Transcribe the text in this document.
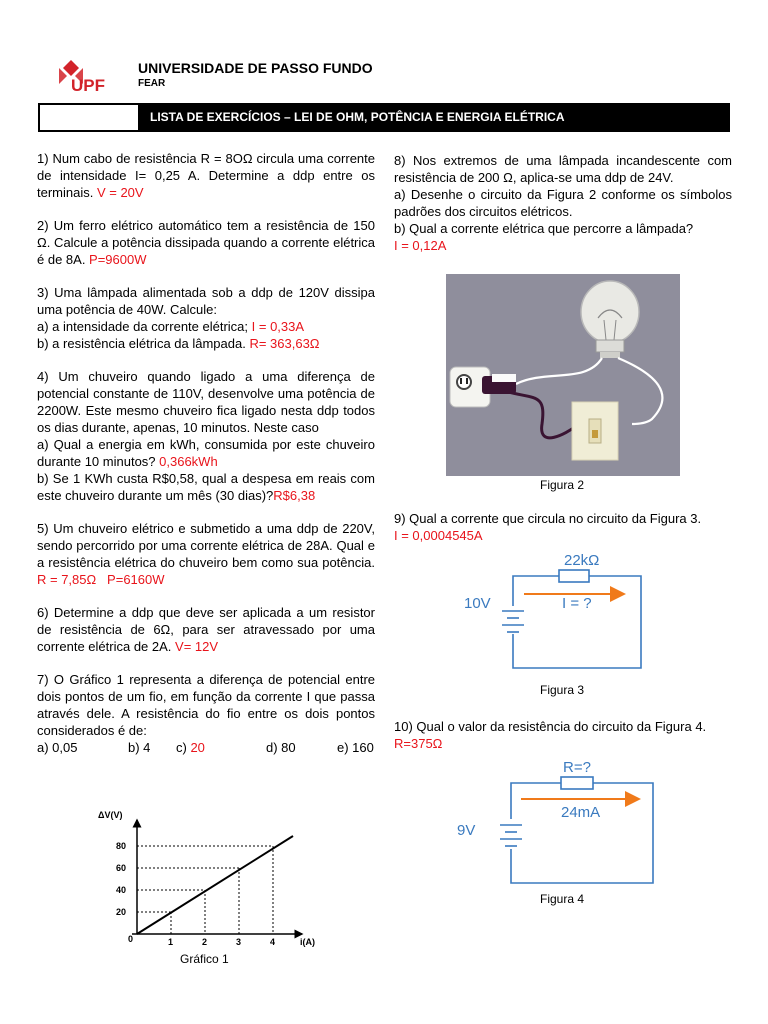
UPF
UNIVERSIDADE DE PASSO FUNDO
FEAR
LISTA DE EXERCÍCIOS – LEI DE OHM, POTÊNCIA E ENERGIA ELÉTRICA

1) Num cabo de resistência R = 8OΩ circula uma corrente de intensidade I= 0,25 A. Determine a ddp entre os terminais. V = 20V

2) Um ferro elétrico automático tem a resistência de 150 Ω. Calcule a potência dissipada quando a corrente elétrica é de 8A. P=9600W

3) Uma lâmpada alimentada sob a ddp de 120V dissipa uma potência de 40W. Calcule:
a) a intensidade da corrente elétrica; I = 0,33A
b) a resistência elétrica da lâmpada. R= 363,63Ω

4) Um chuveiro quando ligado a uma diferença de potencial constante de 110V, desenvolve uma potência de 2200W. Este mesmo chuveiro fica ligado nesta ddp todos os dias durante, apenas, 10 minutos. Neste caso
a) Qual a energia em kWh, consumida por este chuveiro durante 10 minutos? 0,366kWh
b) Se 1 KWh custa R$0,58, qual a despesa em reais com este chuveiro durante um mês (30 dias)?R$6,38

5) Um chuveiro elétrico e submetido a uma ddp de 220V, sendo percorrido por uma corrente elétrica de 28A. Qual e a resistência elétrica do chuveiro bem como sua potência. R = 7,85Ω   P=6160W

6) Determine a ddp que deve ser aplicada a um resistor de resistência de 6Ω, para ser atravessado por uma corrente elétrica de 2A. V= 12V

7) O Gráfico 1 representa a diferença de potencial entre dois pontos de um fio, em função da corrente I que passa através dele. A resistência do fio entre os dois pontos considerados é de:

a) 0,05	b) 4 c) 20	d) 80	e) 160
ΔV(V)
i(A)
0
20
40
60
80
1	2	3	4
Gráfico 1

8) Nos extremos de uma lâmpada incandescente com resistência de 200 Ω, aplica-se uma ddp de 24V.

a) Desenhe o circuito da Figura 2 conforme os símbolos padrões dos circuitos elétricos.

b) Qual a corrente elétrica que percorre a lâmpada?

I = 0,12A

Figura 2

9) Qual a corrente que circula no circuito da Figura 3.

I = 0,0004545A

22kΩ
10V	I = ?
Figura 3

10) Qual o valor da resistência do circuito da Figura 4.

R=375Ω

R=?
9V
24mA
Figura 4
